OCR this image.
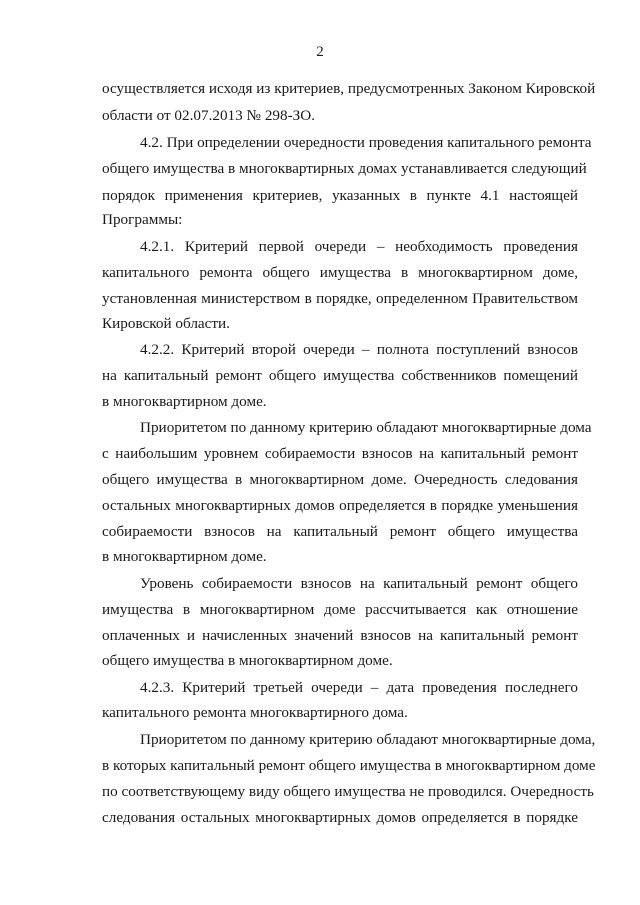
2
осуществляется исходя из критериев, предусмотренных Законом Кировской
области от 02.07.2013 № 298-ЗО.
4.2. При определении очередности проведения капитального ремонта
общего имущества в многоквартирных домах устанавливается следующий
порядок применения критериев, указанных в пункте 4.1 настоящей
Программы:
4.2.1. Критерий первой очереди – необходимость проведения
капитального ремонта общего имущества в многоквартирном доме,
установленная министерством в порядке, определенном Правительством
Кировской области.
4.2.2. Критерий второй очереди – полнота поступлений взносов
на капитальный ремонт общего имущества собственников помещений
в многоквартирном доме.
Приоритетом по данному критерию обладают многоквартирные дома
с наибольшим уровнем собираемости взносов на капитальный ремонт
общего имущества в многоквартирном доме. Очередность следования
остальных многоквартирных домов определяется в порядке уменьшения
собираемости взносов на капитальный ремонт общего имущества
в многоквартирном доме.
Уровень собираемости взносов на капитальный ремонт общего
имущества в многоквартирном доме рассчитывается как отношение
оплаченных и начисленных значений взносов на капитальный ремонт
общего имущества в многоквартирном доме.
4.2.3. Критерий третьей очереди – дата проведения последнего
капитального ремонта многоквартирного дома.
Приоритетом по данному критерию обладают многоквартирные дома,
в которых капитальный ремонт общего имущества в многоквартирном доме
по соответствующему виду общего имущества не проводился. Очередность
следования остальных многоквартирных домов определяется в порядке
